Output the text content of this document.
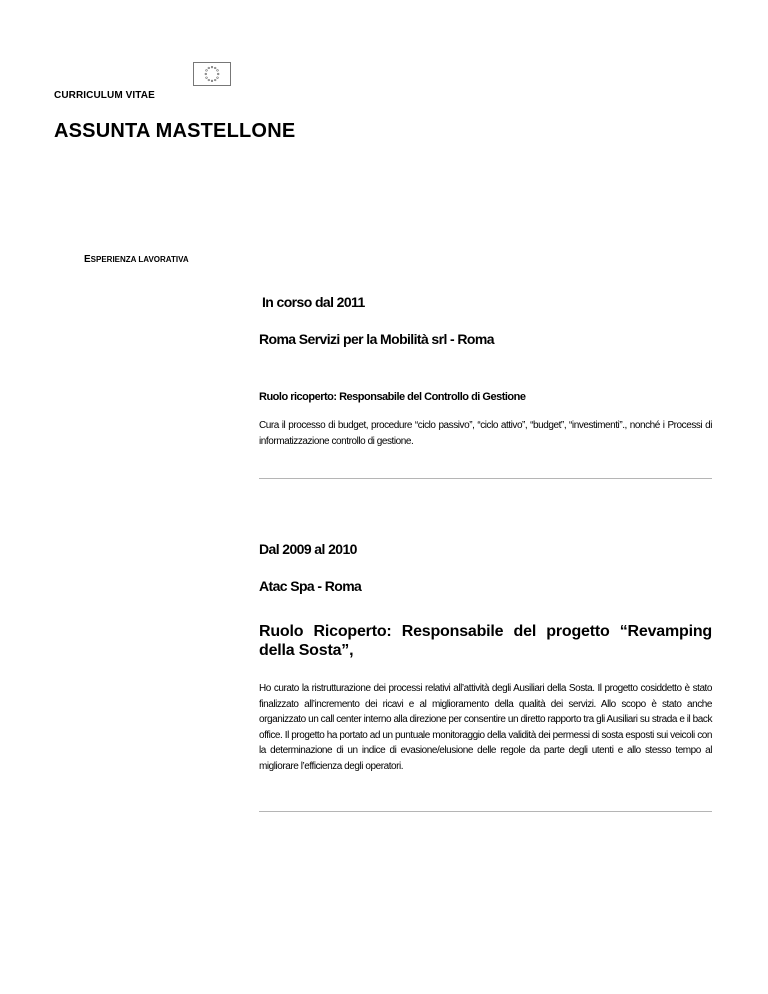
CURRICULUM VITAE
ASSUNTA MASTELLONE
ESPERIENZA LAVORATIVA

In corso dal 2011

Roma Servizi per la Mobilità srl - Roma

Ruolo ricoperto: Responsabile del Controllo di Gestione

Cura il processo di budget, procedure “ciclo passivo”, “ciclo attivo”, “budget”, “investimenti”., nonché i Processi di informatizzazione controllo di gestione.

Dal 2009 al 2010

Atac Spa - Roma

Ruolo Ricoperto: Responsabile del progetto “Revamping della Sosta”,

Ho curato la ristrutturazione dei processi relativi all’attività degli Ausiliari della Sosta. Il progetto cosiddetto è stato finalizzato all’incremento dei ricavi e al miglioramento della qualità dei servizi. Allo scopo è stato anche organizzato un call center interno alla direzione per consentire un diretto rapporto tra gli Ausiliari su strada e il back office. Il progetto ha portato ad un puntuale monitoraggio della validità dei permessi di sosta esposti sui veicoli con la determinazione di un indice di evasione/elusione delle regole da parte degli utenti e allo stesso tempo al migliorare l’efficienza degli operatori.
